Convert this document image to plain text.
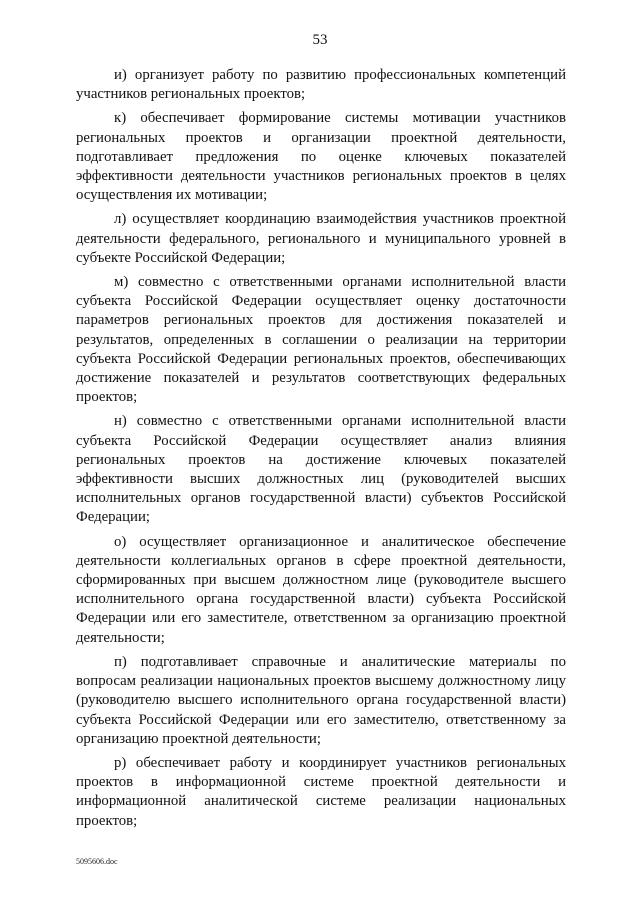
53

и) организует работу по развитию профессиональных компетенций участников региональных проектов;

к) обеспечивает формирование системы мотивации участников региональных проектов и организации проектной деятельности, подготавливает предложения по оценке ключевых показателей эффективности деятельности участников региональных проектов в целях осуществления их мотивации;

л) осуществляет координацию взаимодействия участников проектной деятельности федерального, регионального и муниципального уровней в субъекте Российской Федерации;

м) совместно с ответственными органами исполнительной власти субъекта Российской Федерации осуществляет оценку достаточности параметров региональных проектов для достижения показателей и результатов, определенных в соглашении о реализации на территории субъекта Российской Федерации региональных проектов, обеспечивающих достижение показателей и результатов соответствующих федеральных проектов;

н) совместно с ответственными органами исполнительной власти субъекта Российской Федерации осуществляет анализ влияния региональных проектов на достижение ключевых показателей эффективности высших должностных лиц (руководителей высших исполнительных органов государственной власти) субъектов Российской Федерации;

о) осуществляет организационное и аналитическое обеспечение деятельности коллегиальных органов в сфере проектной деятельности, сформированных при высшем должностном лице (руководителе высшего исполнительного органа государственной власти) субъекта Российской Федерации или его заместителе, ответственном за организацию проектной деятельности;

п) подготавливает справочные и аналитические материалы по вопросам реализации национальных проектов высшему должностному лицу (руководителю высшего исполнительного органа государственной власти) субъекта Российской Федерации или его заместителю, ответственному за организацию проектной деятельности;

р) обеспечивает работу и координирует участников региональных проектов в информационной системе проектной деятельности и информационной аналитической системе реализации национальных проектов;

5095606.doc
